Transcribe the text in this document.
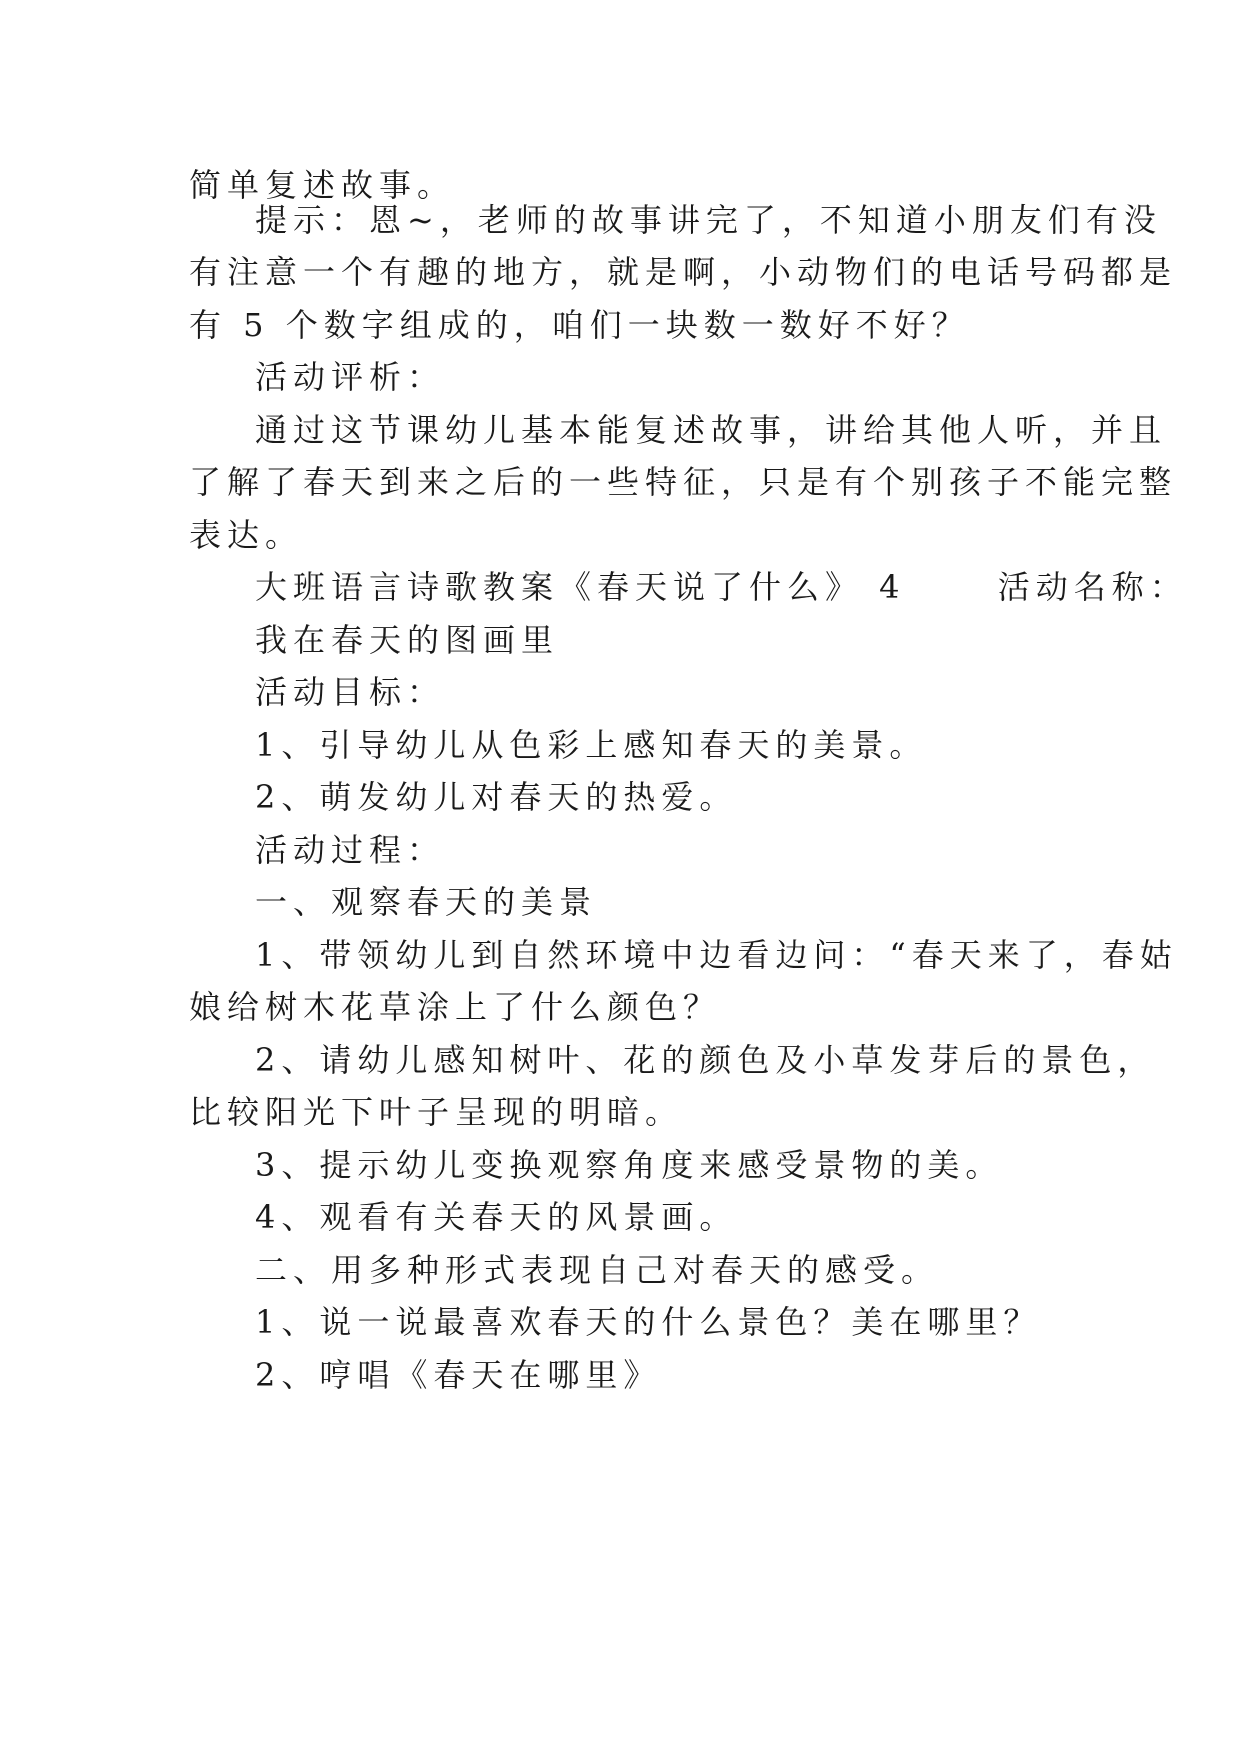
简单复述故事。
提示：恩~，老师的故事讲完了，不知道小朋友们有没
有注意一个有趣的地方，就是啊，小动物们的电话号码都是
有 5 个数字组成的，咱们一块数一数好不好？
活动评析：
通过这节课幼儿基本能复述故事，讲给其他人听，并且
了解了春天到来之后的一些特征，只是有个别孩子不能完整
表达。
大班语言诗歌教案《春天说了什么》 4 　　活动名称：
我在春天的图画里
活动目标：
1、引导幼儿从色彩上感知春天的美景。
2、萌发幼儿对春天的热爱。
活动过程：
一、观察春天的美景
1、带领幼儿到自然环境中边看边问：“春天来了，春姑
娘给树木花草涂上了什么颜色？
2、请幼儿感知树叶、花的颜色及小草发芽后的景色，
比较阳光下叶子呈现的明暗。
3、提示幼儿变换观察角度来感受景物的美。
4、观看有关春天的风景画。
二、用多种形式表现自己对春天的感受。
1、说一说最喜欢春天的什么景色？美在哪里？
2、哼唱《春天在哪里》
